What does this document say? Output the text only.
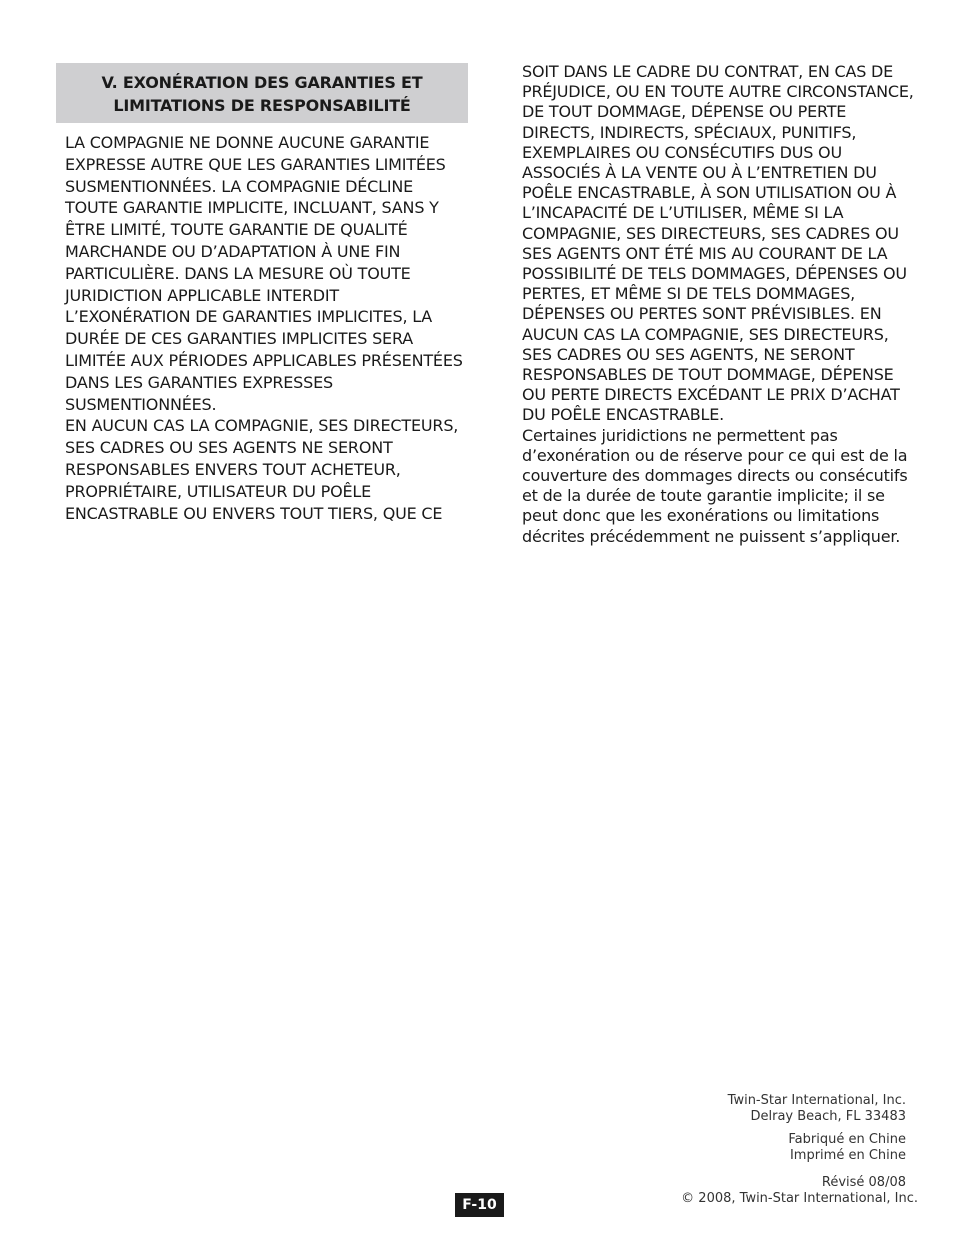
V. EXONÉRATION DES GARANTIES ET
LIMITATIONS DE RESPONSABILITÉ

LA COMPAGNIE NE DONNE AUCUNE GARANTIE EXPRESSE AUTRE QUE LES GARANTIES LIMITÉES SUSMENTIONNÉES. LA COMPAGNIE DÉCLINE TOUTE GARANTIE IMPLICITE, INCLUANT, SANS Y ÊTRE LIMITÉ, TOUTE GARANTIE DE QUALITÉ MARCHANDE OU D’ADAPTATION À UNE FIN PARTICULIÈRE. DANS LA MESURE OÙ TOUTE JURIDICTION APPLICABLE INTERDIT L’EXONÉRATION DE GARANTIES IMPLICITES, LA DURÉE DE CES GARANTIES IMPLICITES SERA LIMITÉE AUX PÉRIODES APPLICABLES PRÉSENTÉES DANS LES GARANTIES EXPRESSES SUSMENTIONNÉES.

EN AUCUN CAS LA COMPAGNIE, SES DIRECTEURS, SES CADRES OU SES AGENTS NE SERONT RESPONSABLES ENVERS TOUT ACHETEUR, PROPRIÉTAIRE, UTILISATEUR DU POÊLE ENCASTRABLE OU ENVERS TOUT TIERS, QUE CE

SOIT DANS LE CADRE DU CONTRAT, EN CAS DE PRÉJUDICE, OU EN TOUTE AUTRE CIRCONSTANCE, DE TOUT DOMMAGE, DÉPENSE OU PERTE DIRECTS, INDIRECTS, SPÉCIAUX, PUNITIFS, EXEMPLAIRES OU CONSÉCUTIFS DUS OU ASSOCIÉS À LA VENTE OU À L’ENTRETIEN DU POÊLE ENCASTRABLE, À SON UTILISATION OU À L’INCAPACITÉ DE L’UTILISER, MÊME SI LA COMPAGNIE, SES DIRECTEURS, SES CADRES OU SES AGENTS ONT ÉTÉ MIS AU COURANT DE LA POSSIBILITÉ DE TELS DOMMAGES, DÉPENSES OU PERTES, ET MÊME SI DE TELS DOMMAGES, DÉPENSES OU PERTES SONT PRÉVISIBLES. EN AUCUN CAS LA COMPAGNIE, SES DIRECTEURS, SES CADRES OU SES AGENTS, NE SERONT RESPONSABLES DE TOUT DOMMAGE, DÉPENSE OU PERTE DIRECTS EXCÉDANT LE PRIX D’ACHAT DU POÊLE ENCASTRABLE.

Certaines juridictions ne permettent pas d’exonération ou de réserve pour ce qui est de la couverture des dommages directs ou consécutifs et de la durée de toute garantie implicite; il se peut donc que les exonérations ou limitations décrites précédemment ne puissent s’appliquer.

Twin-Star International, Inc.
Delray Beach, FL 33483
Fabriqué en Chine
Imprimé en Chine
Révisé 08/08
© 2008, Twin-Star International, Inc.
F-10
